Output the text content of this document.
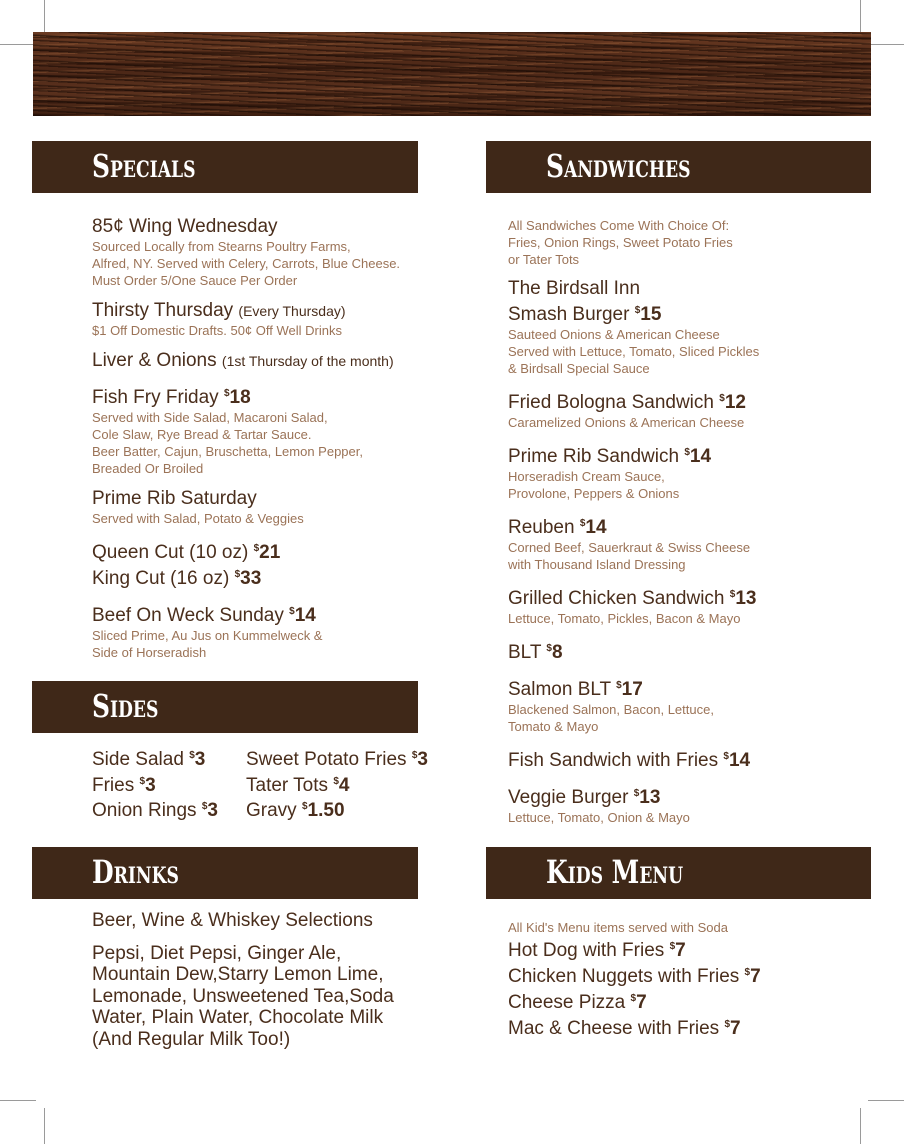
Specials	Sandwiches
Sides
Drinks	Kids Menu
85¢ Wing Wednesday
Sourced Locally from Stearns Poultry Farms,
Alfred, NY. Served with Celery, Carrots, Blue Cheese.
Must Order 5/One Sauce Per Order
Thirsty Thursday (Every Thursday)
$1 Off Domestic Drafts. 50¢ Off Well Drinks
Liver & Onions (1st Thursday of the month)
Fish Fry Friday $18
Served with Side Salad, Macaroni Salad,
Cole Slaw, Rye Bread & Tartar Sauce.
Beer Batter, Cajun, Bruschetta, Lemon Pepper,
Breaded Or Broiled
Prime Rib Saturday
Served with Salad, Potato & Veggies
Queen Cut (10 oz) $21
King Cut (16 oz) $33
Beef On Weck Sunday $14
Sliced Prime, Au Jus on Kummelweck &
Side of Horseradish
Side Salad $3
Fries $3
Onion Rings $3
Sweet Potato Fries $3
Tater Tots $4
Gravy $1.50
Beer, Wine & Whiskey Selections
Pepsi, Diet Pepsi, Ginger Ale,
Mountain Dew,Starry Lemon Lime,
Lemonade, Unsweetened Tea,Soda
Water, Plain Water, Chocolate Milk
(And Regular Milk Too!)
All Sandwiches Come With Choice Of:
Fries, Onion Rings, Sweet Potato Fries
or Tater Tots
The Birdsall Inn
Smash Burger $15
Sauteed Onions & American Cheese
Served with Lettuce, Tomato, Sliced Pickles
& Birdsall Special Sauce
Fried Bologna Sandwich $12
Caramelized Onions & American Cheese
Prime Rib Sandwich $14
Horseradish Cream Sauce,
Provolone, Peppers & Onions
Reuben $14
Corned Beef, Sauerkraut & Swiss Cheese
with Thousand Island Dressing
Grilled Chicken Sandwich $13
Lettuce, Tomato, Pickles, Bacon & Mayo
BLT $8
Salmon BLT $17
Blackened Salmon, Bacon, Lettuce,
Tomato & Mayo
Fish Sandwich with Fries $14
Veggie Burger $13
Lettuce, Tomato, Onion & Mayo
All Kid's Menu items served with Soda
Hot Dog with Fries $7
Chicken Nuggets with Fries $7
Cheese Pizza $7
Mac & Cheese with Fries $7
